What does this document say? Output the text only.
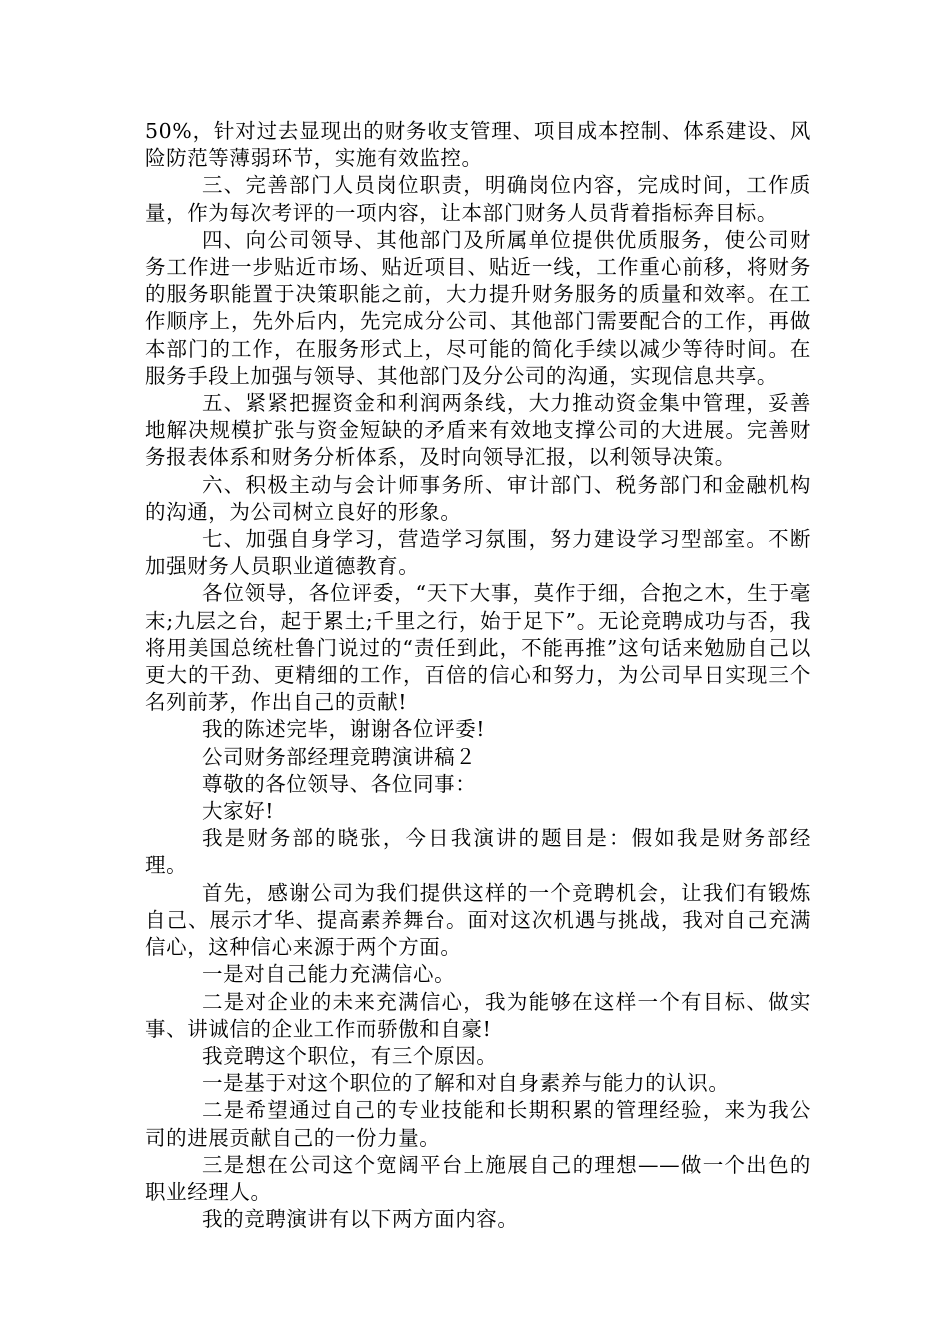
50%，针对过去显现出的财务收支管理、项目成本控制、体系建设、风险防范等薄弱环节，实施有效监控。

三、完善部门人员岗位职责，明确岗位内容，完成时间，工作质量，作为每次考评的一项内容，让本部门财务人员背着指标奔目标。

四、向公司领导、其他部门及所属单位提供优质服务，使公司财务工作进一步贴近市场、贴近项目、贴近一线，工作重心前移，将财务的服务职能置于决策职能之前，大力提升财务服务的质量和效率。在工作顺序上，先外后内，先完成分公司、其他部门需要配合的工作，再做本部门的工作，在服务形式上，尽可能的简化手续以减少等待时间。在服务手段上加强与领导、其他部门及分公司的沟通，实现信息共享。

五、紧紧把握资金和利润两条线，大力推动资金集中管理，妥善地解决规模扩张与资金短缺的矛盾来有效地支撑公司的大进展。完善财务报表体系和财务分析体系，及时向领导汇报，以利领导决策。

六、积极主动与会计师事务所、审计部门、税务部门和金融机构的沟通，为公司树立良好的形象。

七、加强自身学习，营造学习氛围，努力建设学习型部室。不断加强财务人员职业道德教育。

各位领导，各位评委，“天下大事，莫作于细，合抱之木，生于毫末;九层之台，起于累土;千里之行，始于足下”。无论竞聘成功与否，我将用美国总统杜鲁门说过的“责任到此，不能再推”这句话来勉励自己以更大的干劲、更精细的工作，百倍的信心和努力，为公司早日实现三个名列前茅，作出自己的贡献!

我的陈述完毕，谢谢各位评委!

公司财务部经理竞聘演讲稿２

尊敬的各位领导、各位同事：

大家好!

我是财务部的晓张，今日我演讲的题目是：假如我是财务部经理。

首先，感谢公司为我们提供这样的一个竞聘机会，让我们有锻炼自己、展示才华、提高素养舞台。面对这次机遇与挑战，我对自己充满信心，这种信心来源于两个方面。

一是对自己能力充满信心。

二是对企业的未来充满信心，我为能够在这样一个有目标、做实事、讲诚信的企业工作而骄傲和自豪!

我竞聘这个职位，有三个原因。

一是基于对这个职位的了解和对自身素养与能力的认识。

二是希望通过自己的专业技能和长期积累的管理经验，来为我公司的进展贡献自己的一份力量。

三是想在公司这个宽阔平台上施展自己的理想——做一个出色的职业经理人。

我的竞聘演讲有以下两方面内容。
